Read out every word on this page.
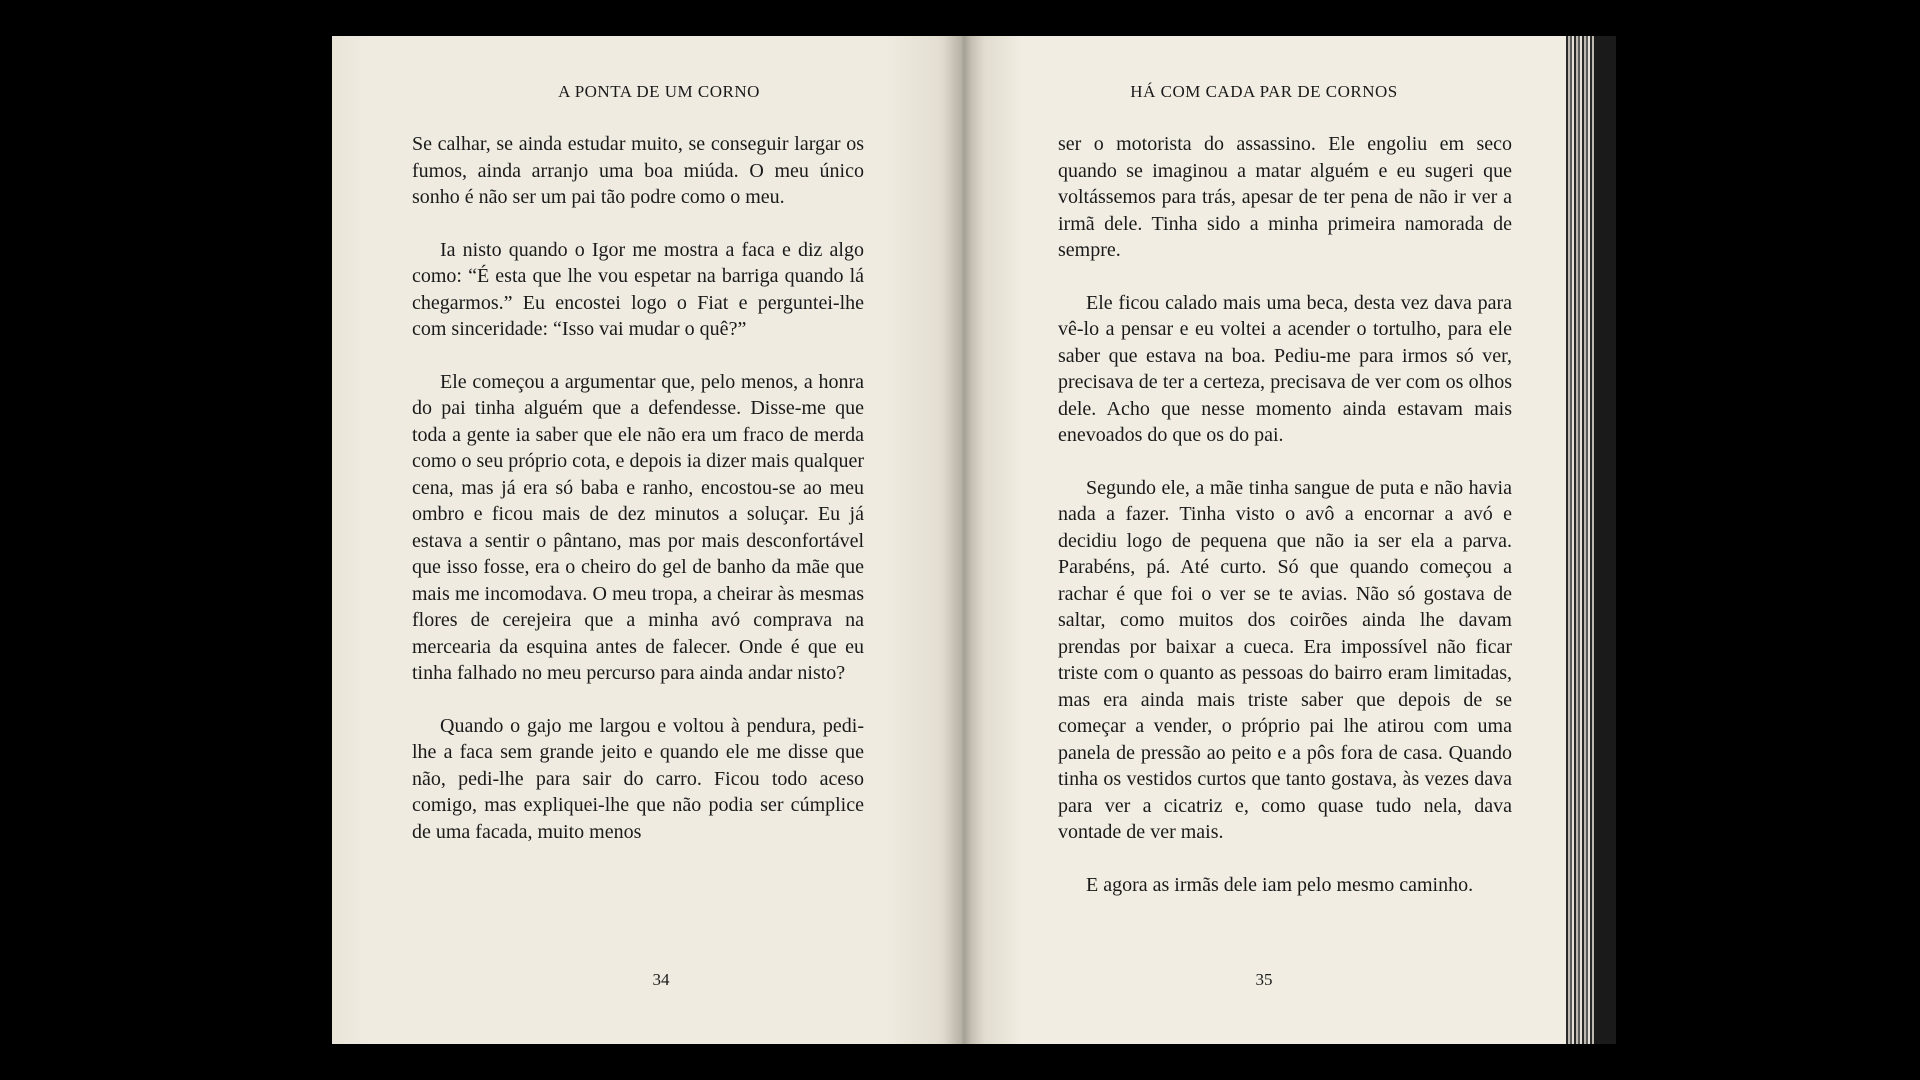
A PONTA DE UM CORNO

Se calhar, se ainda estudar muito, se conseguir largar os fumos, ainda arranjo uma boa miúda. O meu único sonho é não ser um pai tão podre como o meu.

Ia nisto quando o Igor me mostra a faca e diz algo como: “É esta que lhe vou espetar na barriga quando lá chegarmos.” Eu encostei logo o Fiat e perguntei-lhe com sinceridade: “Isso vai mudar o quê?”

Ele começou a argumentar que, pelo menos, a honra do pai tinha alguém que a defendesse. Disse-me que toda a gente ia saber que ele não era um fraco de merda como o seu próprio cota, e depois ia dizer mais qualquer cena, mas já era só baba e ranho, encostou-se ao meu ombro e ficou mais de dez minutos a soluçar. Eu já estava a sentir o pântano, mas por mais desconfortável que isso fosse, era o cheiro do gel de banho da mãe que mais me incomodava. O meu tropa, a cheirar às mesmas flores de cerejeira que a minha avó comprava na mercearia da esquina antes de falecer. Onde é que eu tinha falhado no meu percurso para ainda andar nisto?

Quando o gajo me largou e voltou à pendura, pedi-lhe a faca sem grande jeito e quando ele me disse que não, pedi-lhe para sair do carro. Ficou todo aceso comigo, mas expliquei-lhe que não podia ser cúmplice de uma facada, muito menos

34
HÁ COM CADA PAR DE CORNOS

ser o motorista do assassino. Ele engoliu em seco quando se imaginou a matar alguém e eu sugeri que voltássemos para trás, apesar de ter pena de não ir ver a irmã dele. Tinha sido a minha primeira namorada de sempre.

Ele ficou calado mais uma beca, desta vez dava para vê-lo a pensar e eu voltei a acender o tortulho, para ele saber que estava na boa. Pediu-me para irmos só ver, precisava de ter a certeza, precisava de ver com os olhos dele. Acho que nesse momento ainda estavam mais enevoados do que os do pai.

Segundo ele, a mãe tinha sangue de puta e não havia nada a fazer. Tinha visto o avô a encornar a avó e decidiu logo de pequena que não ia ser ela a parva. Parabéns, pá. Até curto. Só que quando começou a rachar é que foi o ver se te avias. Não só gostava de saltar, como muitos dos coirões ainda lhe davam prendas por baixar a cueca. Era impossível não ficar triste com o quanto as pessoas do bairro eram limitadas, mas era ainda mais triste saber que depois de se começar a vender, o próprio pai lhe atirou com uma panela de pressão ao peito e a pôs fora de casa. Quando tinha os vestidos curtos que tanto gostava, às vezes dava para ver a cicatriz e, como quase tudo nela, dava vontade de ver mais.

E agora as irmãs dele iam pelo mesmo caminho.

35
